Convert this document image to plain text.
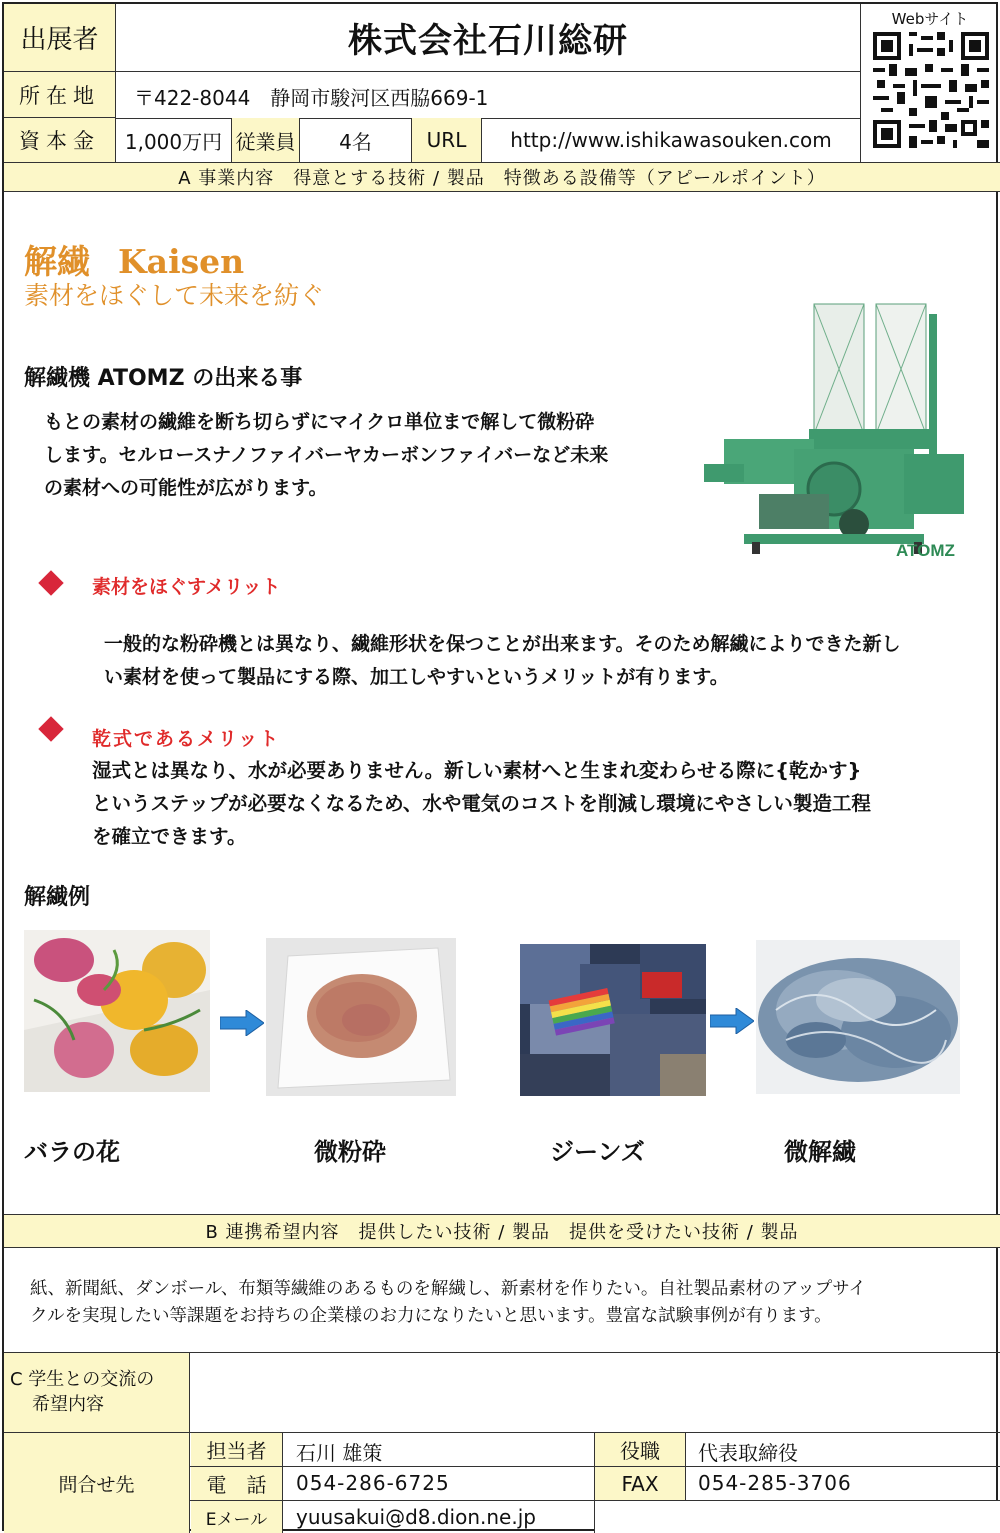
出展者	株式会社石川総研
所在地	〒422-8044　静岡市駿河区西脇669-1
資本金	1,000万円 従業員	4名	URL	http://www.ishikawasouken.com
Webサイト
A 事業内容　得意とする技術 / 製品　特徴ある設備等（アピールポイント）
解繊 Kaisen
素材をほぐして未来を紡ぐ
解繊機 ATOMZ の出来る事
もとの素材の繊維を断ち切らずにマイクロ単位まで解して微粉砕
します。セルロースナノファイバーヤカーボンファイバーなど未来
の素材への可能性が広がります。
ATOMZ
素材をほぐすメリット
一般的な粉砕機とは異なり、繊維形状を保つことが出来ます。そのため解繊によりできた新し
い素材を使って製品にする際、加工しやすいというメリットが有ります。
乾式であるメリット
湿式とは異なり、水が必要ありません。新しい素材へと生まれ変わらせる際に{乾かす}
というステップが必要なくなるため、水や電気のコストを削減し環境にやさしい製造工程
を確立できます。
解繊例
バラの花	微粉砕	ジーンズ	微解繊
B 連携希望内容　提供したい技術 / 製品　提供を受けたい技術 / 製品
紙、新聞紙、ダンボール、布類等繊維のあるものを解繊し、新素材を作りたい。自社製品素材のアップサイ
クルを実現したい等課題をお持ちの企業様のお力になりたいと思います。豊富な試験事例が有ります。
C 学生との交流の
希望内容
問合せ先
担当者	石川 雄策	役職	代表取締役
電　話	054-286-6725	FAX	054-285-3706
Eメール	yuusakui@d8.dion.ne.jp
